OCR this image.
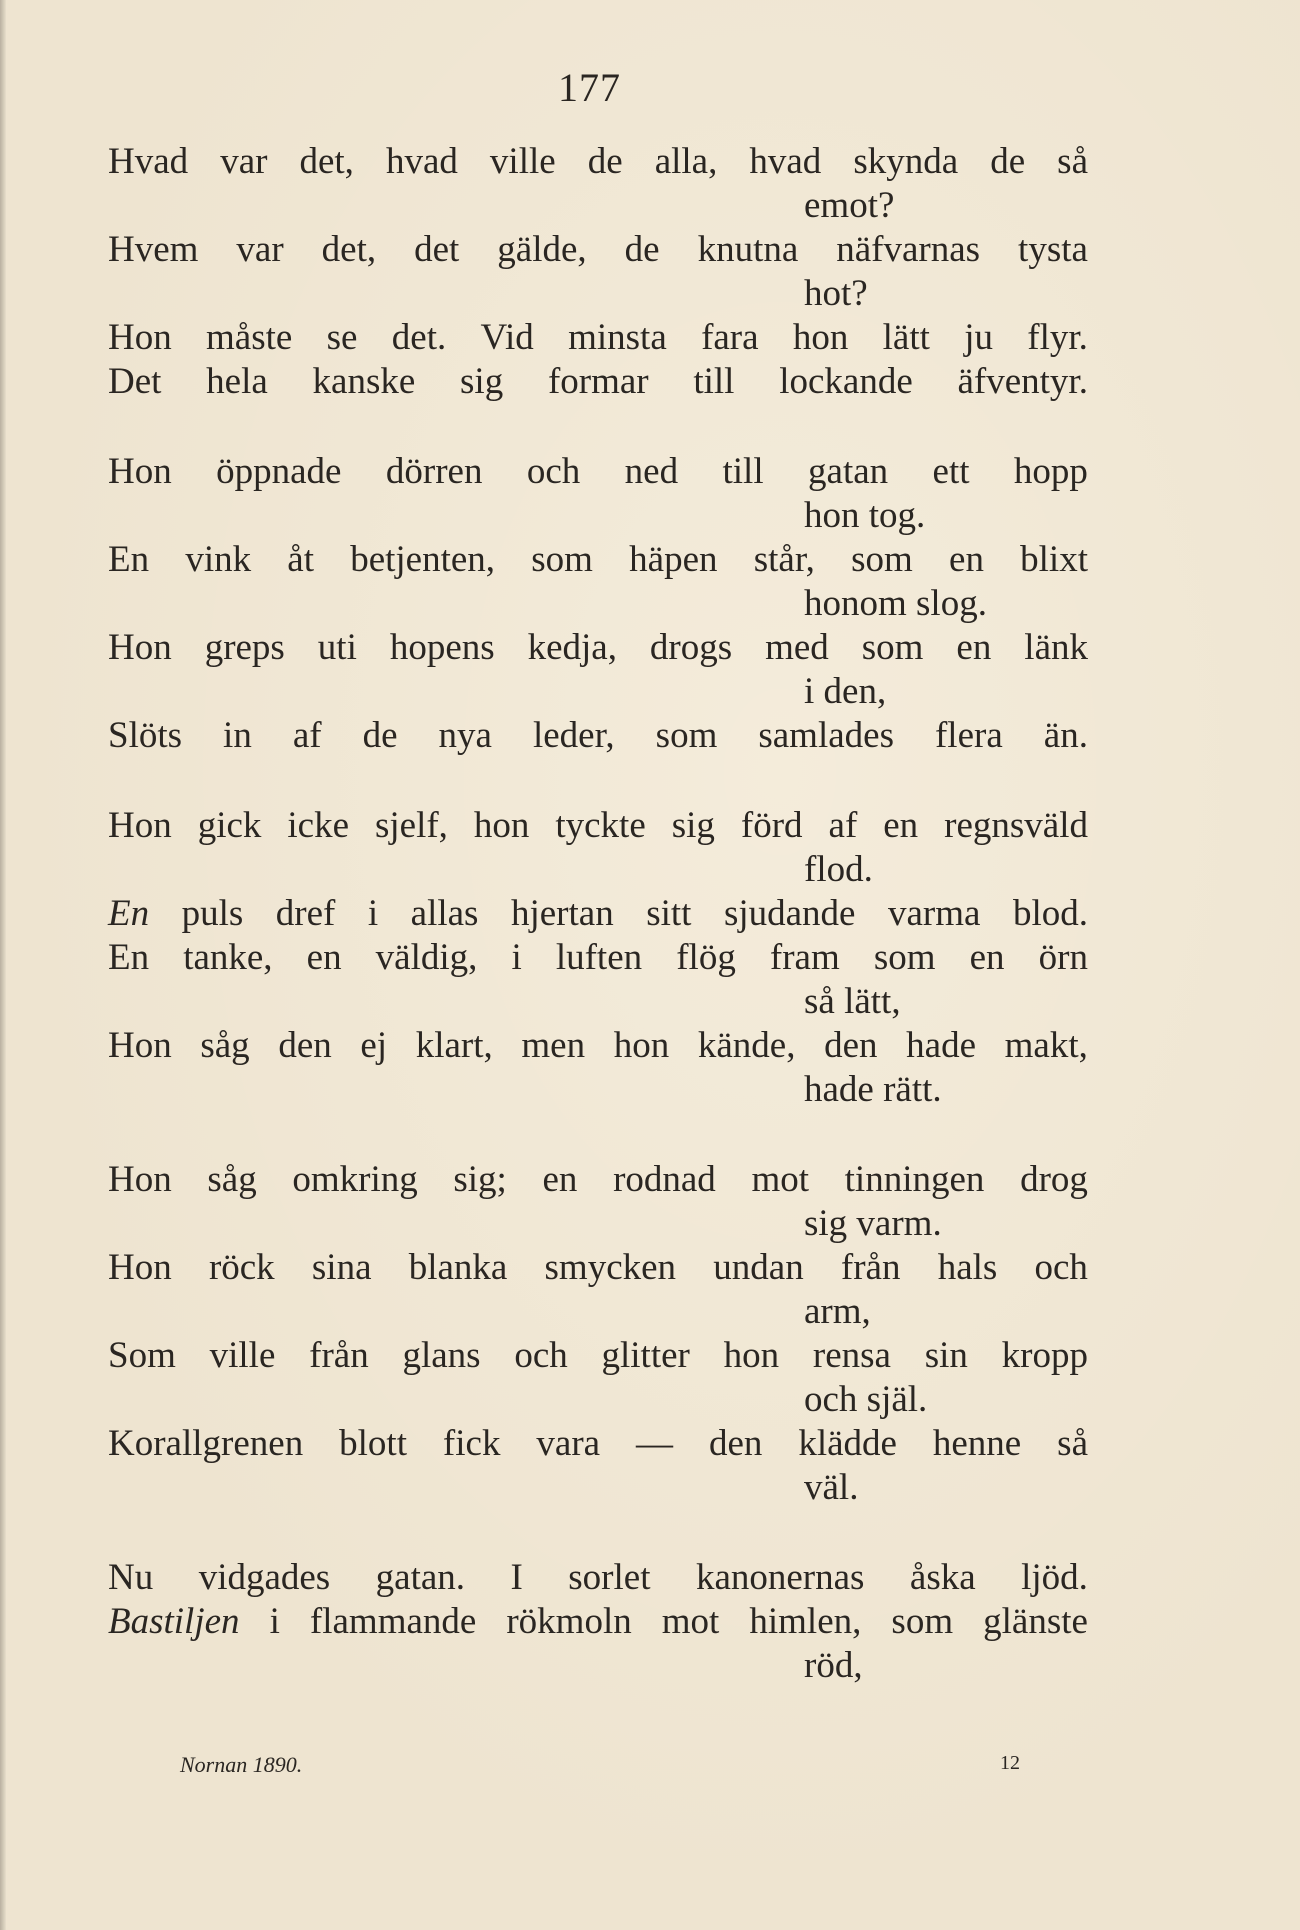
177
Hvad var det, hvad ville de alla, hvad skynda de så
emot?
Hvem var det, det gälde, de knutna näfvarnas tysta
hot?
Hon måste se det. Vid minsta fara hon lätt ju flyr.
Det hela kanske sig formar till lockande äfventyr.
Hon öppnade dörren och ned till gatan ett hopp
hon tog.
En vink åt betjenten, som häpen står, som en blixt
honom slog.
Hon greps uti hopens kedja, drogs med som en länk
i den,
Slöts in af de nya leder, som samlades flera än.
Hon gick icke sjelf, hon tyckte sig förd af en regnsväld
flod.
En puls dref i allas hjertan sitt sjudande varma blod.
En tanke, en väldig, i luften flög fram som en örn
så lätt,
Hon såg den ej klart, men hon kände, den hade makt,
hade rätt.
Hon såg omkring sig; en rodnad mot tinningen drog
sig varm.
Hon röck sina blanka smycken undan från hals och
arm,
Som ville från glans och glitter hon rensa sin kropp
och själ.
Korallgrenen blott fick vara — den klädde henne så
väl.
Nu vidgades gatan. I sorlet kanonernas åska ljöd.
Bastiljen i flammande rökmoln mot himlen, som glänste
röd,
Nornan 1890.	12
